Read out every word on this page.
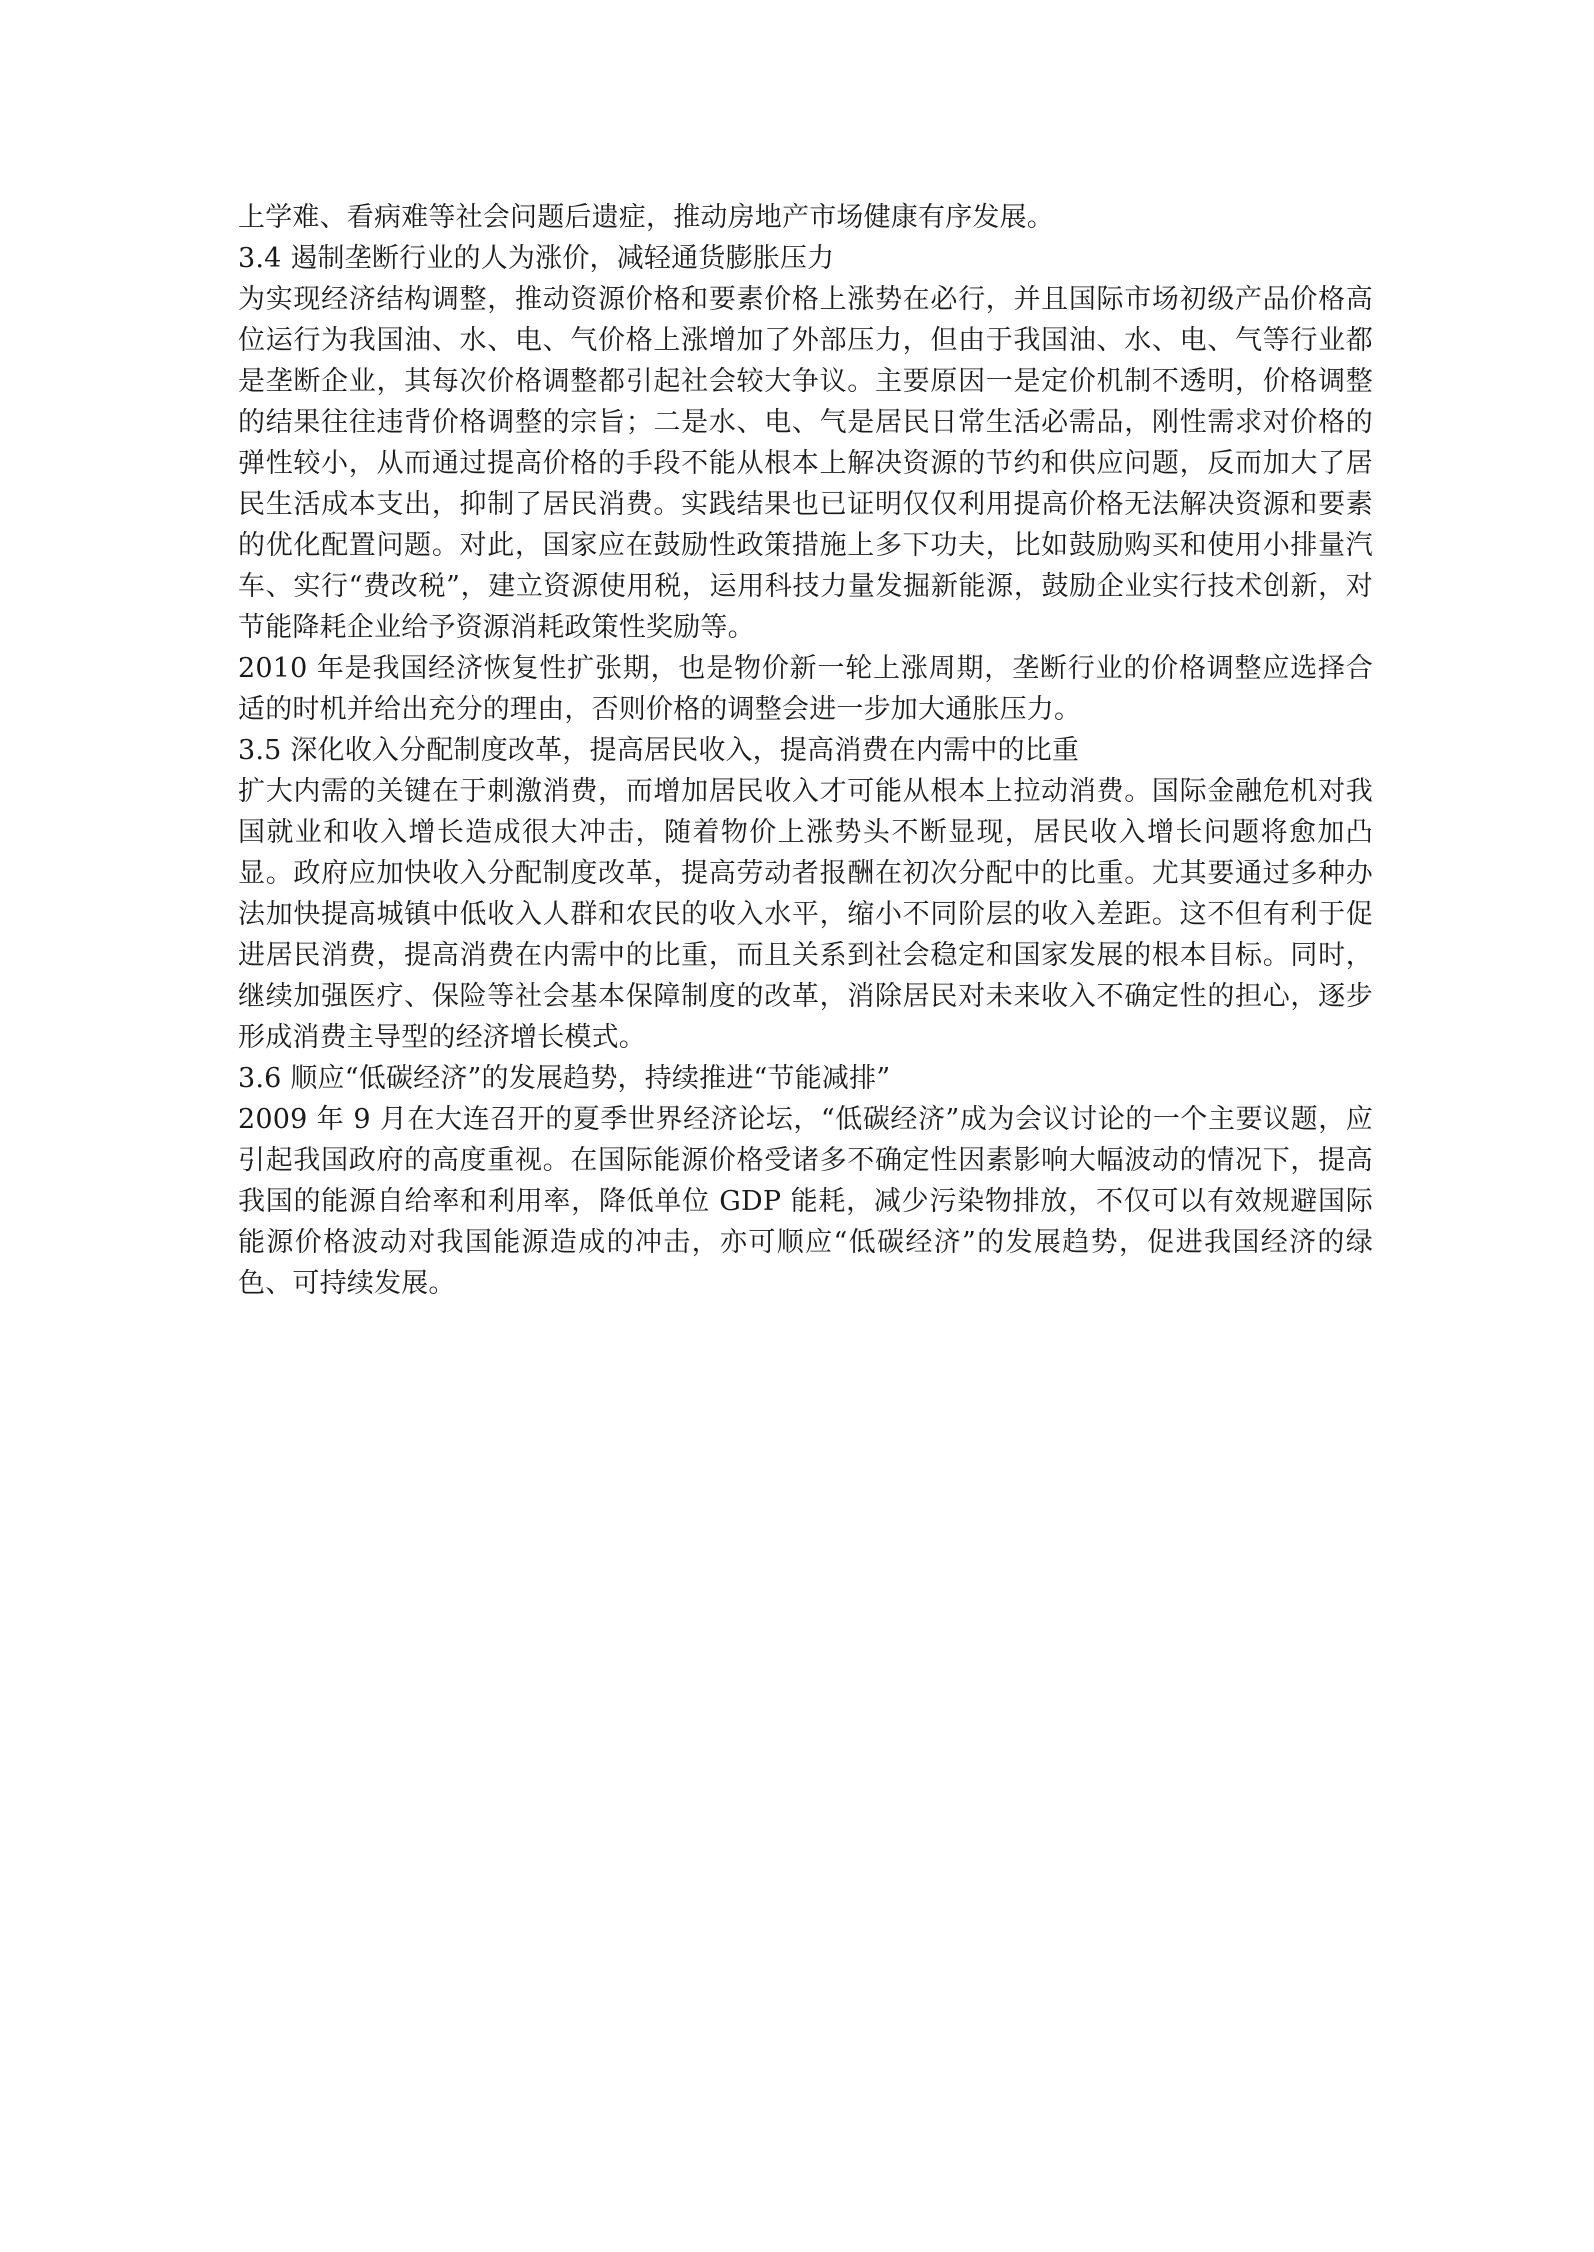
上学难、看病难等社会问题后遗症，推动房地产市场健康有序发展。

3.4 遏制垄断行业的人为涨价，减轻通货膨胀压力

为实现经济结构调整，推动资源价格和要素价格上涨势在必行，并且国际市场初级产品价格高位运行为我国油、水、电、气价格上涨增加了外部压力，但由于我国油、水、电、气等行业都是垄断企业，其每次价格调整都引起社会较大争议。主要原因一是定价机制不透明，价格调整的结果往往违背价格调整的宗旨；二是水、电、气是居民日常生活必需品，刚性需求对价格的弹性较小，从而通过提高价格的手段不能从根本上解决资源的节约和供应问题，反而加大了居民生活成本支出，抑制了居民消费。实践结果也已证明仅仅利用提高价格无法解决资源和要素的优化配置问题。对此，国家应在鼓励性政策措施上多下功夫，比如鼓励购买和使用小排量汽车、实行“费改税”，建立资源使用税，运用科技力量发掘新能源，鼓励企业实行技术创新，对节能降耗企业给予资源消耗政策性奖励等。

2010 年是我国经济恢复性扩张期，也是物价新一轮上涨周期，垄断行业的价格调整应选择合适的时机并给出充分的理由，否则价格的调整会进一步加大通胀压力。

3.5 深化收入分配制度改革，提高居民收入，提高消费在内需中的比重

扩大内需的关键在于刺激消费，而增加居民收入才可能从根本上拉动消费。国际金融危机对我国就业和收入增长造成很大冲击，随着物价上涨势头不断显现，居民收入增长问题将愈加凸显。政府应加快收入分配制度改革，提高劳动者报酬在初次分配中的比重。尤其要通过多种办法加快提高城镇中低收入人群和农民的收入水平，缩小不同阶层的收入差距。这不但有利于促进居民消费，提高消费在内需中的比重，而且关系到社会稳定和国家发展的根本目标。同时，继续加强医疗、保险等社会基本保障制度的改革，消除居民对未来收入不确定性的担心，逐步形成消费主导型的经济增长模式。

3.6 顺应“低碳经济”的发展趋势，持续推进“节能减排”

2009 年 9 月在大连召开的夏季世界经济论坛，“低碳经济”成为会议讨论的一个主要议题，应引起我国政府的高度重视。在国际能源价格受诸多不确定性因素影响大幅波动的情况下，提高我国的能源自给率和利用率，降低单位 GDP 能耗，减少污染物排放，不仅可以有效规避国际能源价格波动对我国能源造成的冲击，亦可顺应“低碳经济”的发展趋势，促进我国经济的绿色、可持续发展。
